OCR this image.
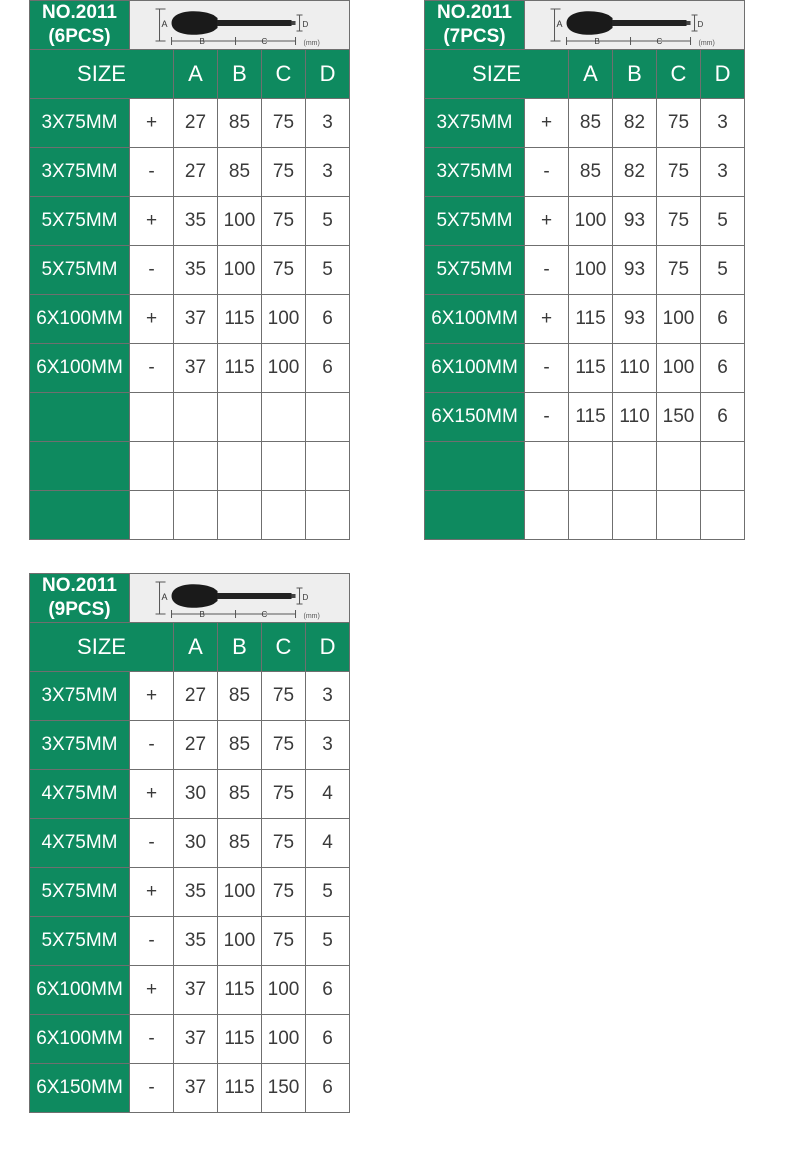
NO.2011
(6PCS)	A D
B C (mm)				

SIZE		A	B	C	D
3X75MM	+	27	85	75	3
3X75MM	-	27	85	75	3
5X75MM	+	35	100	75	5
5X75MM	-	35	100	75	5
6X100MM	+	37	115	100	6
6X100MM	-	37	115	100	6

NO.2011
(7PCS)	A D
B C (mm)				

SIZE		A	B	C	D
3X75MM	+	85	82	75	3
3X75MM	-	85	82	75	3
5X75MM	+	100	93	75	5
5X75MM	-	100	93	75	5
6X100MM	+	115	93	100	6
6X100MM	-	115	110	100	6
6X150MM	-	115	110	150	6

NO.2011
(9PCS)	A D
B C (mm)				

SIZE		A	B	C	D
3X75MM	+	27	85	75	3
3X75MM	-	27	85	75	3
4X75MM	+	30	85	75	4
4X75MM	-	30	85	75	4
5X75MM	+	35	100	75	5
5X75MM	-	35	100	75	5
6X100MM	+	37	115	100	6
6X100MM	-	37	115	100	6
6X150MM	-	37	115	150	6
